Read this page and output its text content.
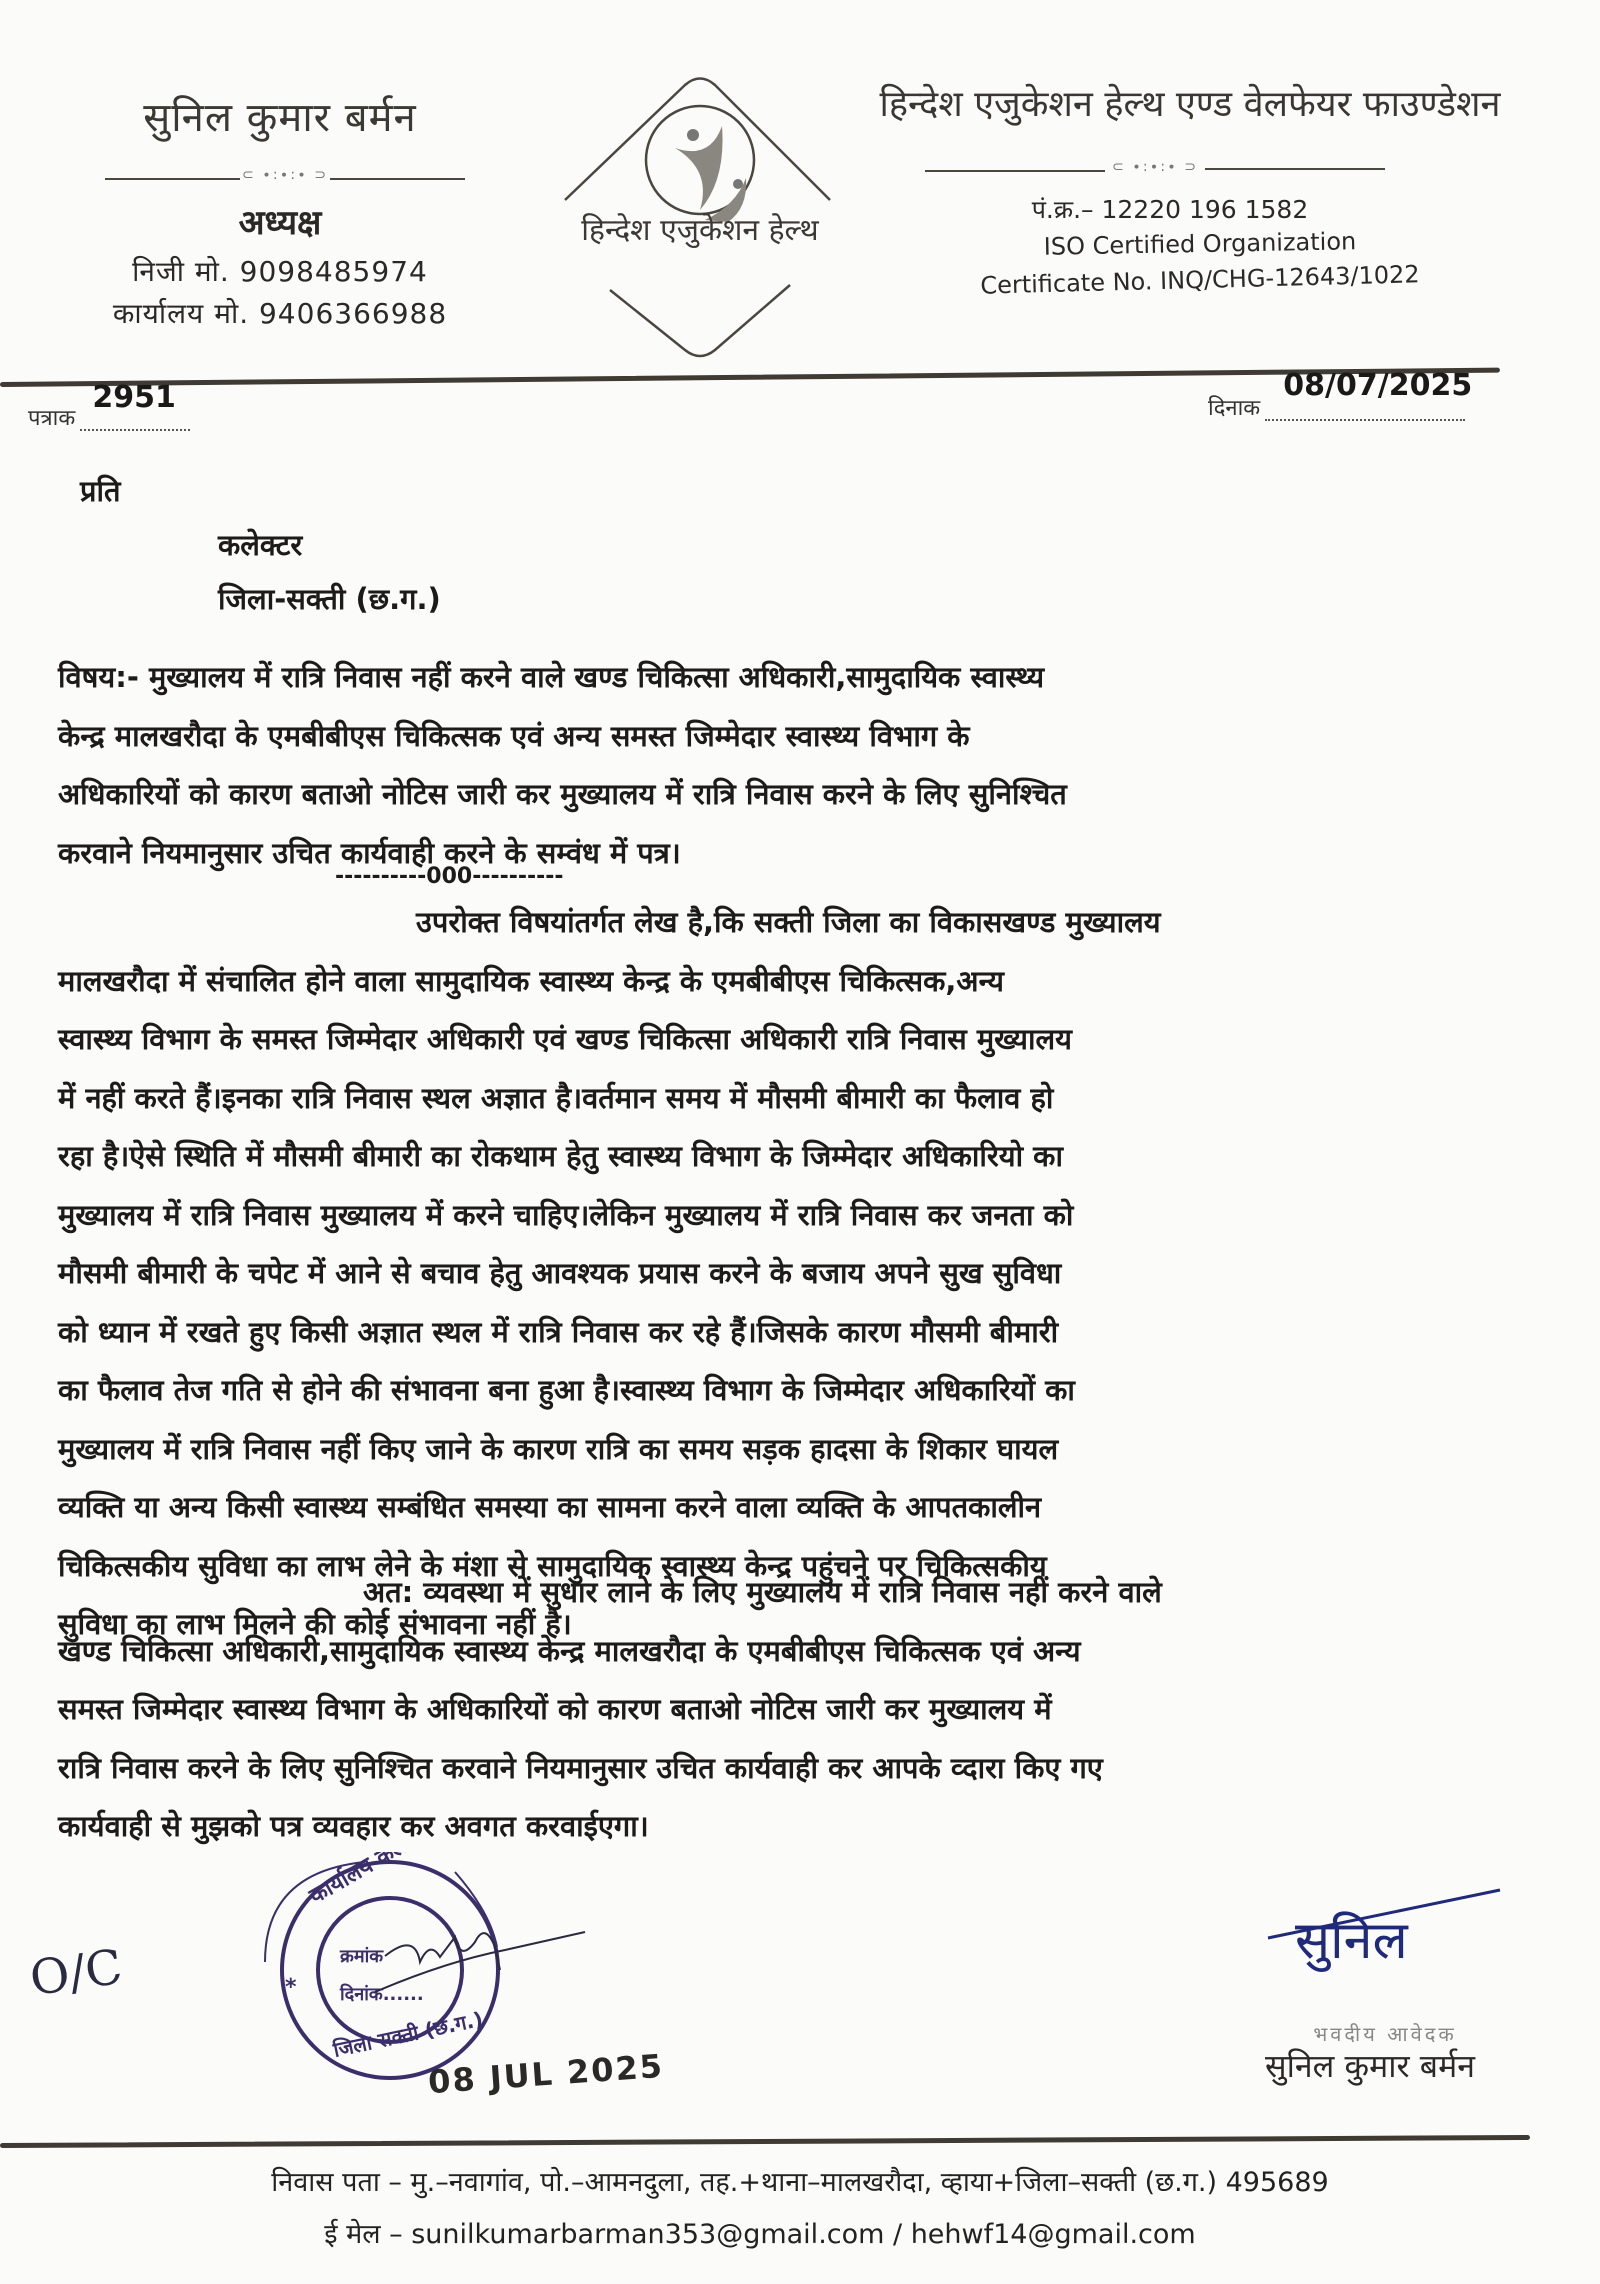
सुनिल कुमार बर्मन
⊂ ∙:∙:∙ ⊃
अध्यक्ष
निजी मो. 9098485974
कार्यालय मो. 9406366988
हिन्देश एजुकेशन हेल्थ
हिन्देश एजुकेशन हेल्थ एण्ड वेलफेयर फाउण्डेशन
⊂ ∙:∙:∙ ⊃
पं.क्र.– 12220 196 1582
ISO Certified Organization
Certificate No. INQ/CHG-12643/1022
पत्राक
2951
	दिनाक
08/07/2025

प्रति
कलेक्टर
जिला-सक्ती (छ.ग.)
विषय:- मुख्यालय में रात्रि निवास नहीं करने वाले खण्ड चिकित्सा अधिकारी,सामुदायिक स्वास्थ्य
केन्द्र मालखरौदा के एमबीबीएस चिकित्सक एवं अन्य समस्त जिम्मेदार स्वास्थ्य विभाग के
अधिकारियों को कारण बताओ नोटिस जारी कर मुख्यालय में रात्रि निवास करने के लिए सुनिश्चित
करवाने नियमानुसार उचित कार्यवाही करने के सम्वंध में पत्र।
----------000----------
उपरोक्त विषयांतर्गत लेख है,कि सक्ती जिला का विकासखण्ड मुख्यालय
मालखरौदा में संचालित होने वाला सामुदायिक स्वास्थ्य केन्द्र के एमबीबीएस चिकित्सक,अन्य
स्वास्थ्य विभाग के समस्त जिम्मेदार अधिकारी एवं खण्ड चिकित्सा अधिकारी रात्रि निवास मुख्यालय
में नहीं करते हैं।इनका रात्रि निवास स्थल अज्ञात है।वर्तमान समय में मौसमी बीमारी का फैलाव हो
रहा है।ऐसे स्थिति में मौसमी बीमारी का रोकथाम हेतु स्वास्थ्य विभाग के जिम्मेदार अधिकारियो का
मुख्यालय में रात्रि निवास मुख्यालय में करने चाहिए।लेकिन मुख्यालय में रात्रि निवास कर जनता को
मौसमी बीमारी के चपेट में आने से बचाव हेतु आवश्यक प्रयास करने के बजाय अपने सुख सुविधा
को ध्यान में रखते हुए किसी अज्ञात स्थल में रात्रि निवास कर रहे हैं।जिसके कारण मौसमी बीमारी
का फैलाव तेज गति से होने की संभावना बना हुआ है।स्वास्थ्य विभाग के जिम्मेदार अधिकारियों का
मुख्यालय में रात्रि निवास नहीं किए जाने के कारण रात्रि का समय सड़क हादसा के शिकार घायल
व्यक्ति या अन्य किसी स्वास्थ्य सम्बंधित समस्या का सामना करने वाला व्यक्ति के आपतकालीन
चिकित्सकीय सुविधा का लाभ लेने के मंशा से सामुदायिक स्वास्थ्य केन्द्र पहुंचने पर चिकित्सकीय
सुविधा का लाभ मिलने की कोई संभावना नहीं है।
अत: व्यवस्था में सुधार लाने के लिए मुख्यालय में रात्रि निवास नहीं करने वाले
खण्ड चिकित्सा अधिकारी,सामुदायिक स्वास्थ्य केन्द्र मालखरौदा के एमबीबीएस चिकित्सक एवं अन्य
समस्त जिम्मेदार स्वास्थ्य विभाग के अधिकारियों को कारण बताओ नोटिस जारी कर मुख्यालय में
रात्रि निवास करने के लिए सुनिश्चित करवाने नियमानुसार उचित कार्यवाही कर आपके व्दारा किए गए
कार्यवाही से मुझको पत्र व्यवहार कर अवगत करवाईएगा।
O/C
कार्यालय कलेक्टर
जिला सक्ती (छ.ग.)
*
क्रमांक
दिनांक......
08 JUL 2025
सुनिल
भवदीय आवेदक
सुनिल कुमार बर्मन
निवास पता – मु.–नवागांव, पो.–आमनदुला, तह.+थाना–मालखरौदा, व्हाया+जिला–सक्ती (छ.ग.) 495689
ई मेल – sunilkumarbarman353@gmail.com / hehwf14@gmail.com
